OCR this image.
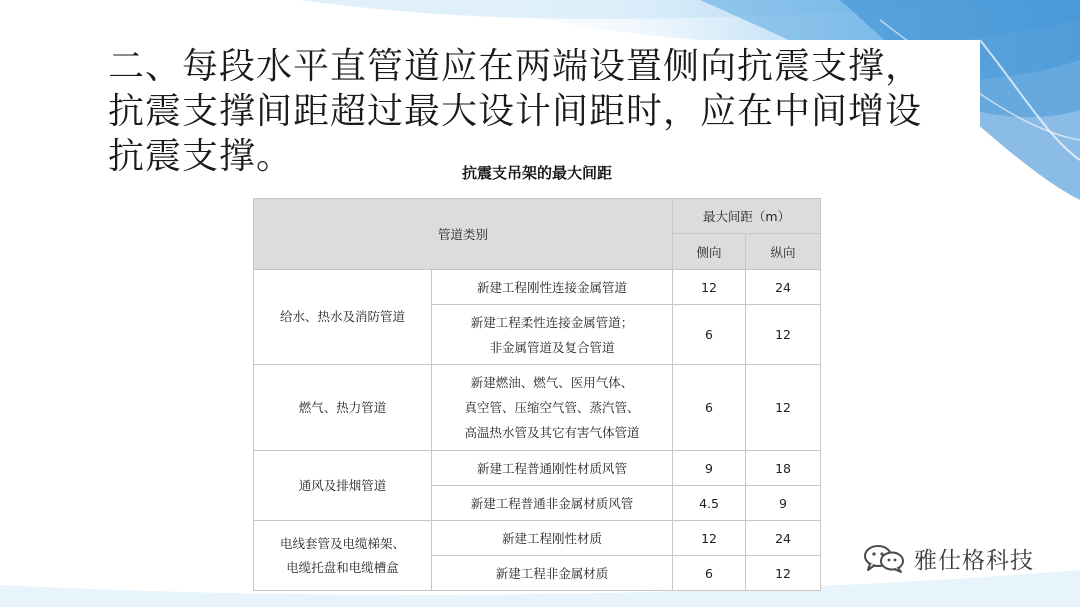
二、每段水平直管道应在两端设置侧向抗震支撑，抗震支撑间距超过最大设计间距时，应在中间增设抗震支撑。	抗震支吊架的最大间距
管道类别		最大间距（m）	
		侧向	纵向
给水、热水及消防管道	新建工程刚性连接金属管道	12	24

	新建工程柔性连接金属管道；
非金属管道及复合管道	6	12
燃气、热力管道	新建燃油、燃气、医用气体、
真空管、压缩空气管、蒸汽管、
高温热水管及其它有害气体管道	6	12
通风及排烟管道	新建工程普通刚性材质风管	9	18
	新建工程普通非金属材质风管	4.5	9

电线套管及电缆梯架、
电缆托盘和电缆槽盒	新建工程刚性材质	12	24
	新建工程非金属材质	6	12	雅仕格科技
